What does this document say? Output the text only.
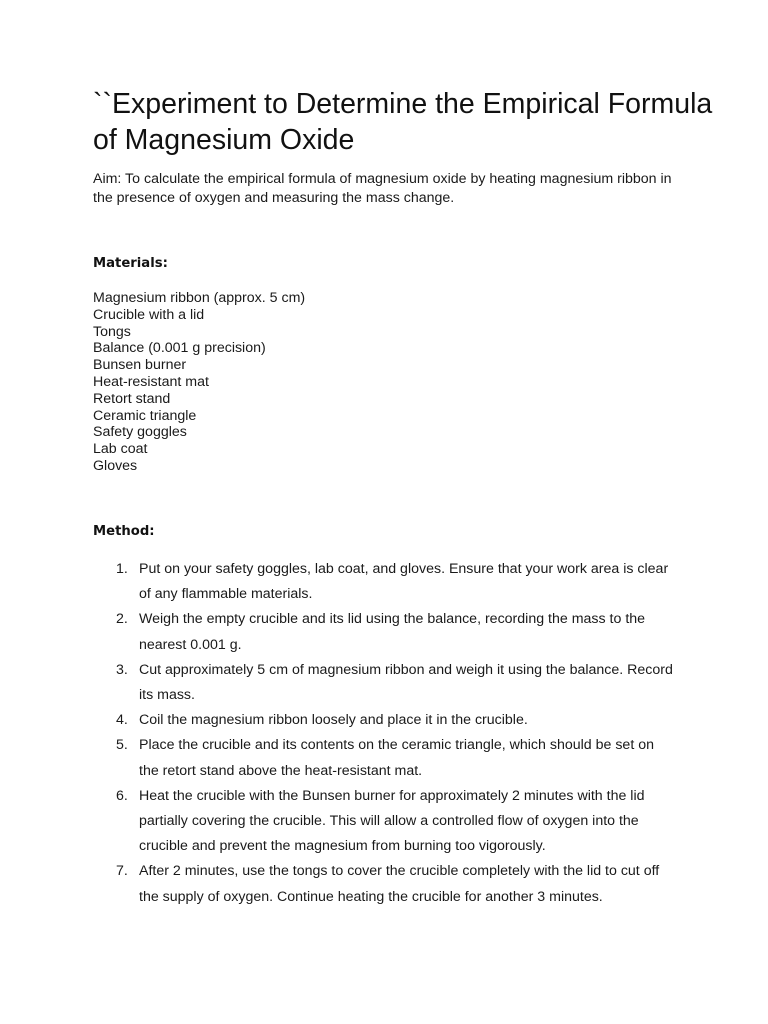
``Experiment to Determine the Empirical Formula of Magnesium Oxide

Aim: To calculate the empirical formula of magnesium oxide by heating magnesium ribbon in the presence of oxygen and measuring the mass change.

Materials:
Magnesium ribbon (approx. 5 cm)
Crucible with a lid
Tongs
Balance (0.001 g precision)
Bunsen burner
Heat-resistant mat
Retort stand
Ceramic triangle
Safety goggles
Lab coat
Gloves
Method:
1. Put on your safety goggles, lab coat, and gloves. Ensure that your work area is clear of any flammable materials.
2. Weigh the empty crucible and its lid using the balance, recording the mass to the nearest 0.001 g.
3. Cut approximately 5 cm of magnesium ribbon and weigh it using the balance. Record its mass.
4. Coil the magnesium ribbon loosely and place it in the crucible.
5. Place the crucible and its contents on the ceramic triangle, which should be set on the retort stand above the heat-resistant mat.
6. Heat the crucible with the Bunsen burner for approximately 2 minutes with the lid partially covering the crucible. This will allow a controlled flow of oxygen into the crucible and prevent the magnesium from burning too vigorously.
7. After 2 minutes, use the tongs to cover the crucible completely with the lid to cut off the supply of oxygen. Continue heating the crucible for another 3 minutes.
